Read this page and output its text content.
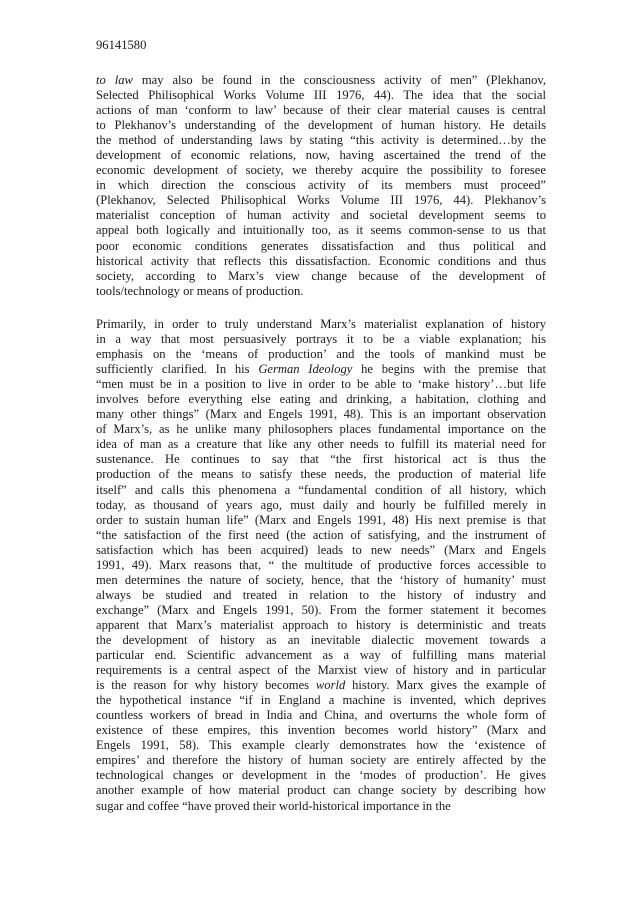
96141580
to law may also be found in the consciousness activity of men” (Plekhanov,
Selected Philisophical Works Volume III 1976, 44). The idea that the social
actions of man ‘conform to law’ because of their clear material causes is central
to Plekhanov’s understanding of the development of human history. He details
the method of understanding laws by stating “this activity is determined…by the
development of economic relations, now, having ascertained the trend of the
economic development of society, we thereby acquire the possibility to foresee
in which direction the conscious activity of its members must proceed”
(Plekhanov, Selected Philisophical Works Volume III 1976, 44). Plekhanov’s
materialist conception of human activity and societal development seems to
appeal both logically and intuitionally too, as it seems common-sense to us that
poor economic conditions generates dissatisfaction and thus political and
historical activity that reflects this dissatisfaction. Economic conditions and thus
society, according to Marx’s view change because of the development of
tools/technology or means of production.
Primarily, in order to truly understand Marx’s materialist explanation of history
in a way that most persuasively portrays it to be a viable explanation; his
emphasis on the ‘means of production’ and the tools of mankind must be
sufficiently clarified. In his German Ideology he begins with the premise that
“men must be in a position to live in order to be able to ‘make history’…but life
involves before everything else eating and drinking, a habitation, clothing and
many other things” (Marx and Engels 1991, 48). This is an important observation
of Marx’s, as he unlike many philosophers places fundamental importance on the
idea of man as a creature that like any other needs to fulfill its material need for
sustenance. He continues to say that “the first historical act is thus the
production of the means to satisfy these needs, the production of material life
itself” and calls this phenomena a “fundamental condition of all history, which
today, as thousand of years ago, must daily and hourly be fulfilled merely in
order to sustain human life” (Marx and Engels 1991, 48) His next premise is that
“the satisfaction of the first need (the action of satisfying, and the instrument of
satisfaction which has been acquired) leads to new needs” (Marx and Engels
1991, 49). Marx reasons that, “ the multitude of productive forces accessible to
men determines the nature of society, hence, that the ‘history of humanity’ must
always be studied and treated in relation to the history of industry and
exchange” (Marx and Engels 1991, 50). From the former statement it becomes
apparent that Marx’s materialist approach to history is deterministic and treats
the development of history as an inevitable dialectic movement towards a
particular end. Scientific advancement as a way of fulfilling mans material
requirements is a central aspect of the Marxist view of history and in particular
is the reason for why history becomes world history. Marx gives the example of
the hypothetical instance “if in England a machine is invented, which deprives
countless workers of bread in India and China, and overturns the whole form of
existence of these empires, this invention becomes world history” (Marx and
Engels 1991, 58). This example clearly demonstrates how the ‘existence of
empires’ and therefore the history of human society are entirely affected by the
technological changes or development in the ‘modes of production’. He gives
another example of how material product can change society by describing how
sugar and coffee “have proved their world-historical importance in the
